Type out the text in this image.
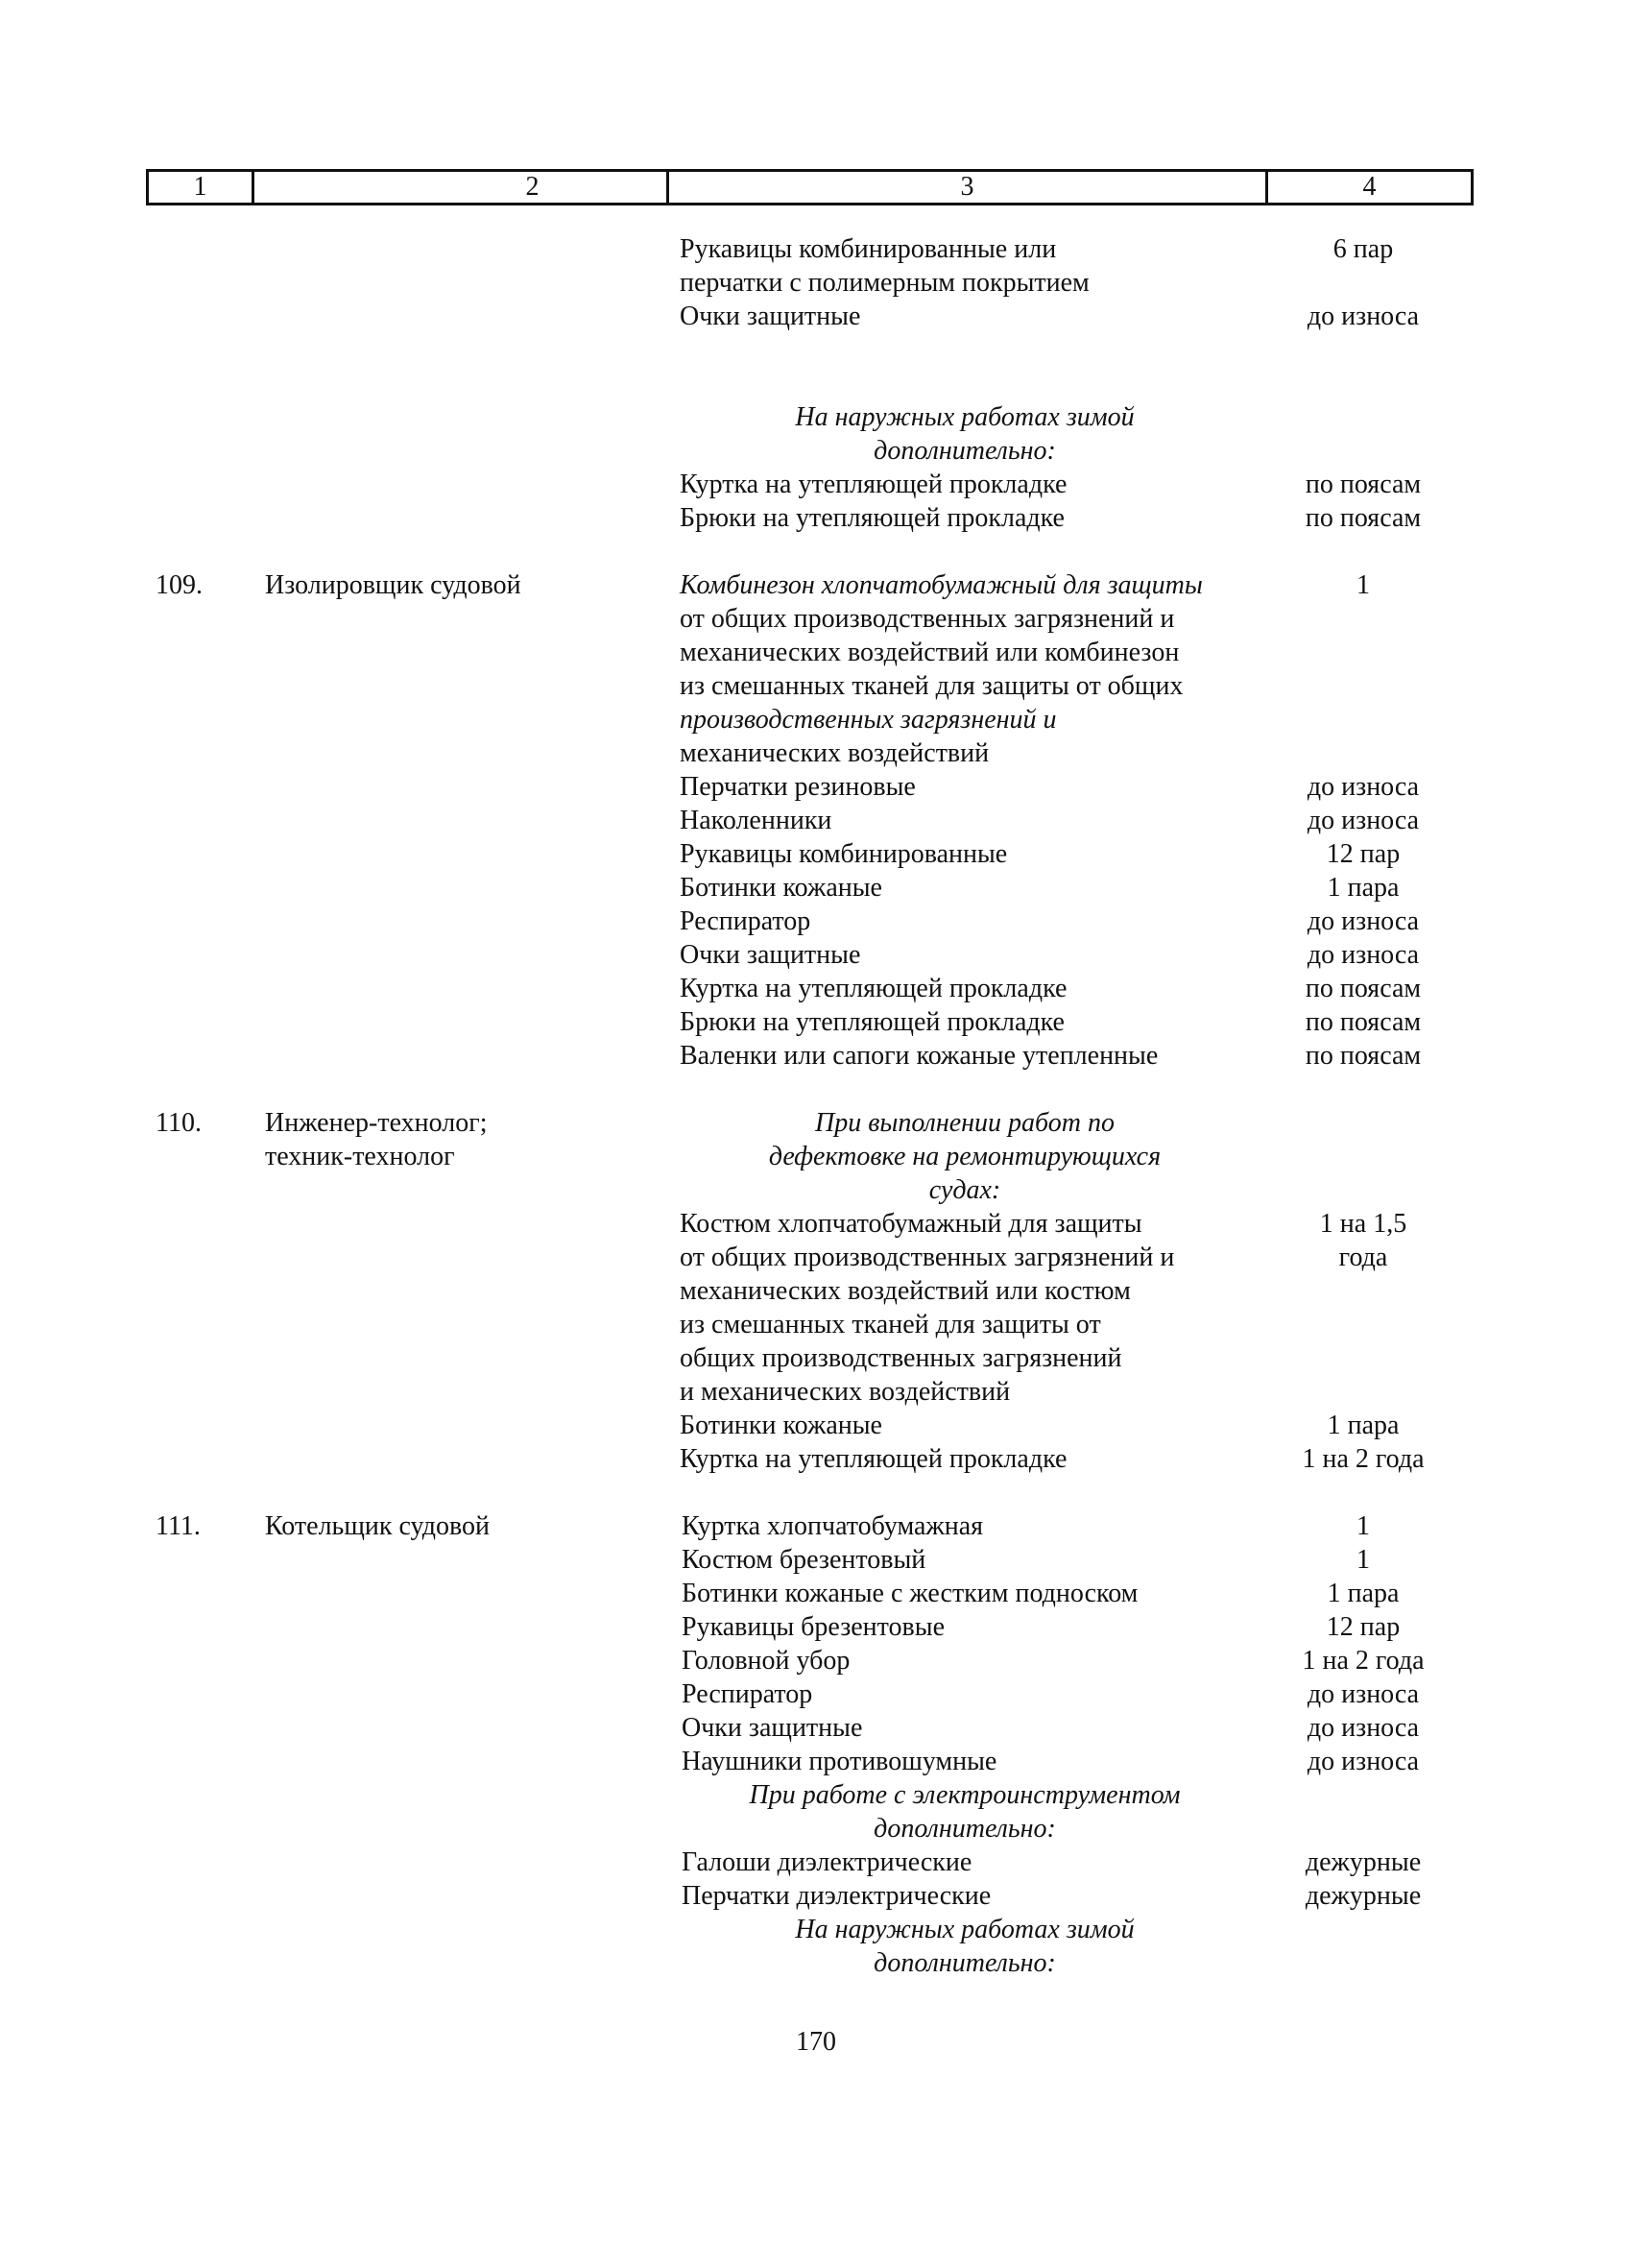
1	2	3	4
Рукавицы комбинированные или	6 пар
перчатки с полимерным покрытием
Очки защитные	до износа
На наружных работах зимой
дополнительно:
Куртка на утепляющей прокладке	по поясам
Брюки на утепляющей прокладке	по поясам
109. Изолировщик судовой	Комбинезон хлопчатобумажный для защиты	1
от общих производственных загрязнений и
механических воздействий или комбинезон
из смешанных тканей для защиты от общих
производственных загрязнений и
механических воздействий
Перчатки резиновые	до износа
Наколенники	до износа
Рукавицы комбинированные	12 пар
Ботинки кожаные	1 пара
Респиратор	до износа
Очки защитные	до износа
Куртка на утепляющей прокладке	по поясам
Брюки на утепляющей прокладке	по поясам
Валенки или сапоги кожаные утепленные	по поясам
110. Инженер-технолог;	При выполнении работ по
техник-технолог	дефектовке на ремонтирующихся
судах:
Костюм хлопчатобумажный для защиты	1 на 1,5
от общих производственных загрязнений и	года
механических воздействий или костюм
из смешанных тканей для защиты от
общих производственных загрязнений
и механических воздействий
Ботинки кожаные	1 пара
Куртка на утепляющей прокладке	1 на 2 года
111. Котельщик судовой	Куртка хлопчатобумажная	1
Костюм брезентовый	1
Ботинки кожаные с жестким подноском	1 пара
Рукавицы брезентовые	12 пар
Головной убор	1 на 2 года
Респиратор	до износа
Очки защитные	до износа
Наушники противошумные	до износа
При работе с электроинструментом
дополнительно:
Галоши диэлектрические	дежурные
Перчатки диэлектрические	дежурные
На наружных работах зимой
дополнительно:
170
